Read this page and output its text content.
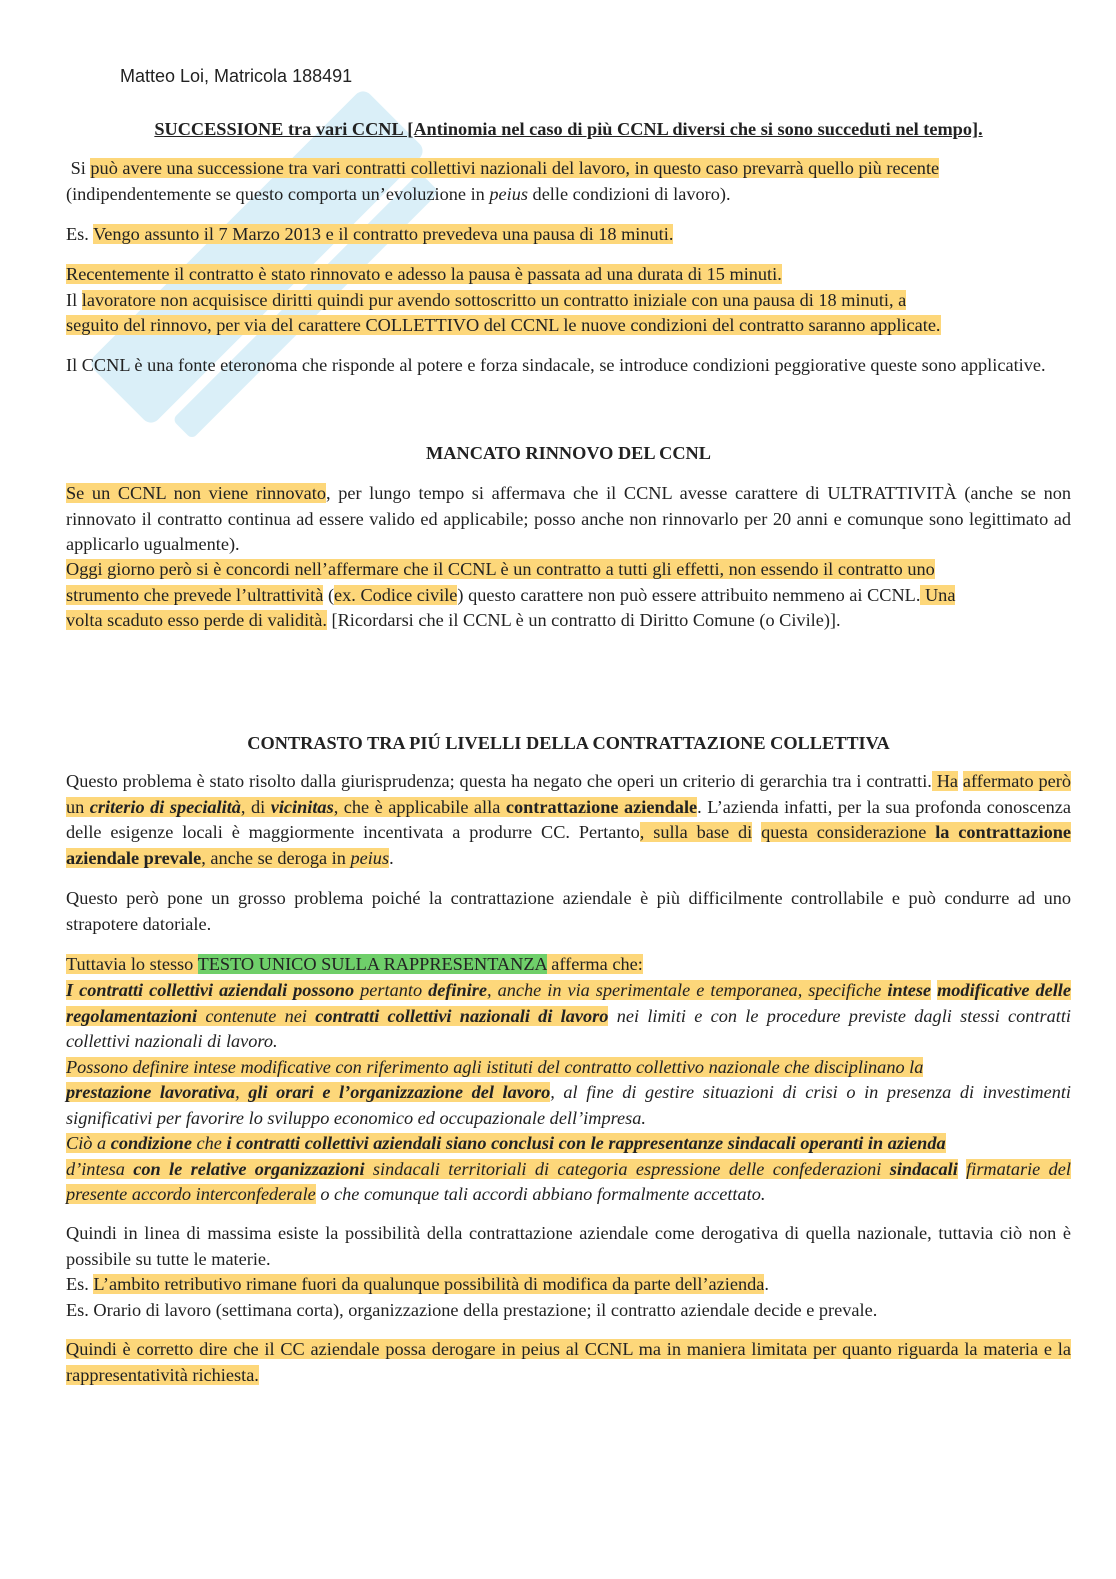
Matteo Loi, Matricola 188491
SUCCESSIONE tra vari CCNL [Antinomia nel caso di più CCNL diversi che si sono succeduti nel tempo].
Si può avere una successione tra vari contratti collettivi nazionali del lavoro, in questo caso prevarrà quello più recente
(indipendentemente se questo comporta un’evoluzione in peius delle condizioni di lavoro).
Es. Vengo assunto il 7 Marzo 2013 e il contratto prevedeva una pausa di 18 minuti.
Recentemente il contratto è stato rinnovato e adesso la pausa è passata ad una durata di 15 minuti.
Il lavoratore non acquisisce diritti quindi pur avendo sottoscritto un contratto iniziale con una pausa di 18 minuti, a
seguito del rinnovo, per via del carattere COLLETTIVO del CCNL le nuove condizioni del contratto saranno applicate.
Il CCNL è una fonte eteronoma che risponde al potere e forza sindacale, se introduce condizioni peggiorative queste sono applicative.
MANCATO RINNOVO DEL CCNL
Se un CCNL non viene rinnovato, per lungo tempo si affermava che il CCNL avesse carattere di ULTRATTIVITÀ (anche se non rinnovato il contratto continua ad essere valido ed applicabile; posso anche non rinnovarlo per 20 anni e comunque sono legittimato ad applicarlo ugualmente).
Oggi giorno però si è concordi nell’affermare che il CCNL è un contratto a tutti gli effetti, non essendo il contratto uno
strumento che prevede l’ultrattività (ex. Codice civile) questo carattere non può essere attribuito nemmeno ai CCNL. Una
volta scaduto esso perde di validità. [Ricordarsi che il CCNL è un contratto di Diritto Comune (o Civile)].
CONTRASTO TRA PIÚ LIVELLI DELLA CONTRATTAZIONE COLLETTIVA
Questo problema è stato risolto dalla giurisprudenza; questa ha negato che operi un criterio di gerarchia tra i contratti. Ha affermato però un criterio di specialità, di vicinitas, che è applicabile alla contrattazione aziendale. L’azienda infatti, per la sua profonda conoscenza delle esigenze locali è maggiormente incentivata a produrre CC. Pertanto, sulla base di questa considerazione la contrattazione aziendale prevale, anche se deroga in peius.
Questo però pone un grosso problema poiché la contrattazione aziendale è più difficilmente controllabile e può condurre ad uno strapotere datoriale.
Tuttavia lo stesso TESTO UNICO SULLA RAPPRESENTANZA afferma che:
I contratti collettivi aziendali possono pertanto definire, anche in via sperimentale e temporanea, specifiche intese modificative delle regolamentazioni contenute nei contratti collettivi nazionali di lavoro nei limiti e con le procedure previste dagli stessi contratti collettivi nazionali di lavoro.
Possono definire intese modificative con riferimento agli istituti del contratto collettivo nazionale che disciplinano la
prestazione lavorativa, gli orari e l’organizzazione del lavoro, al fine di gestire situazioni di crisi o in presenza di investimenti significativi per favorire lo sviluppo economico ed occupazionale dell’impresa.
Ciò a condizione che i contratti collettivi aziendali siano conclusi con le rappresentanze sindacali operanti in azienda
d’intesa con le relative organizzazioni sindacali territoriali di categoria espressione delle confederazioni sindacali firmatarie del presente accordo interconfederale o che comunque tali accordi abbiano formalmente accettato.
Quindi in linea di massima esiste la possibilità della contrattazione aziendale come derogativa di quella nazionale, tuttavia ciò non è possibile su tutte le materie.
Es. L’ambito retributivo rimane fuori da qualunque possibilità di modifica da parte dell’azienda.
Es. Orario di lavoro (settimana corta), organizzazione della prestazione; il contratto aziendale decide e prevale.
Quindi è corretto dire che il CC aziendale possa derogare in peius al CCNL ma in maniera limitata per quanto riguarda la materia e la rappresentatività richiesta.
